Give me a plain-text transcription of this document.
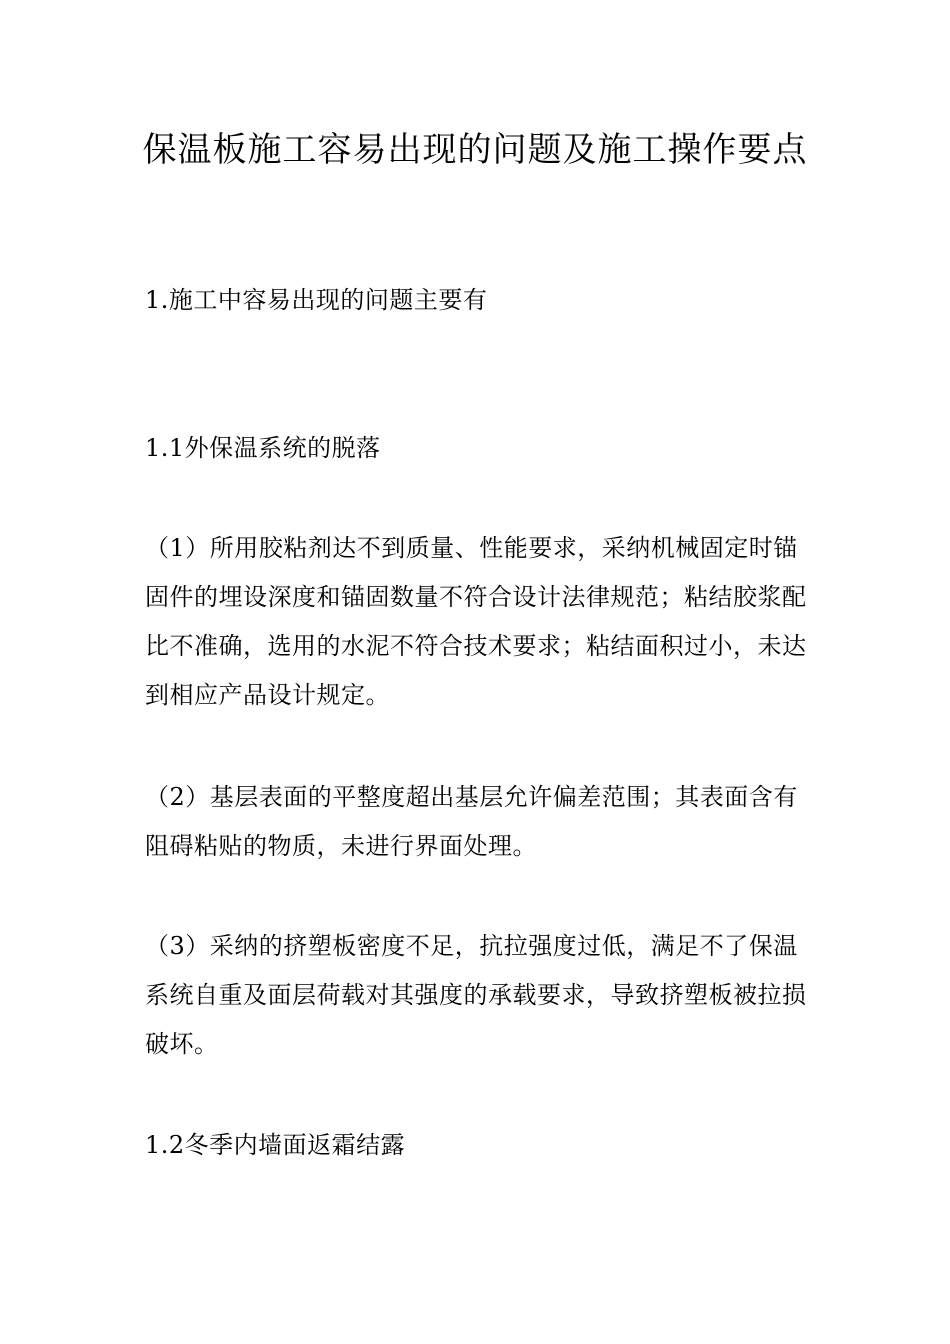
保温板施工容易出现的问题及施工操作要点

1.施工中容易出现的问题主要有

1.1外保温系统的脱落

（1）所用胶粘剂达不到质量、性能要求，采纳机械固定时锚固件的埋设深度和锚固数量不符合设计法律规范；粘结胶浆配比不准确，选用的水泥不符合技术要求；粘结面积过小，未达到相应产品设计规定。

（2）基层表面的平整度超出基层允许偏差范围；其表面含有阻碍粘贴的物质，未进行界面处理。

（3）采纳的挤塑板密度不足，抗拉强度过低，满足不了保温系统自重及面层荷载对其强度的承载要求，导致挤塑板被拉损破坏。

1.2冬季内墙面返霜结露
